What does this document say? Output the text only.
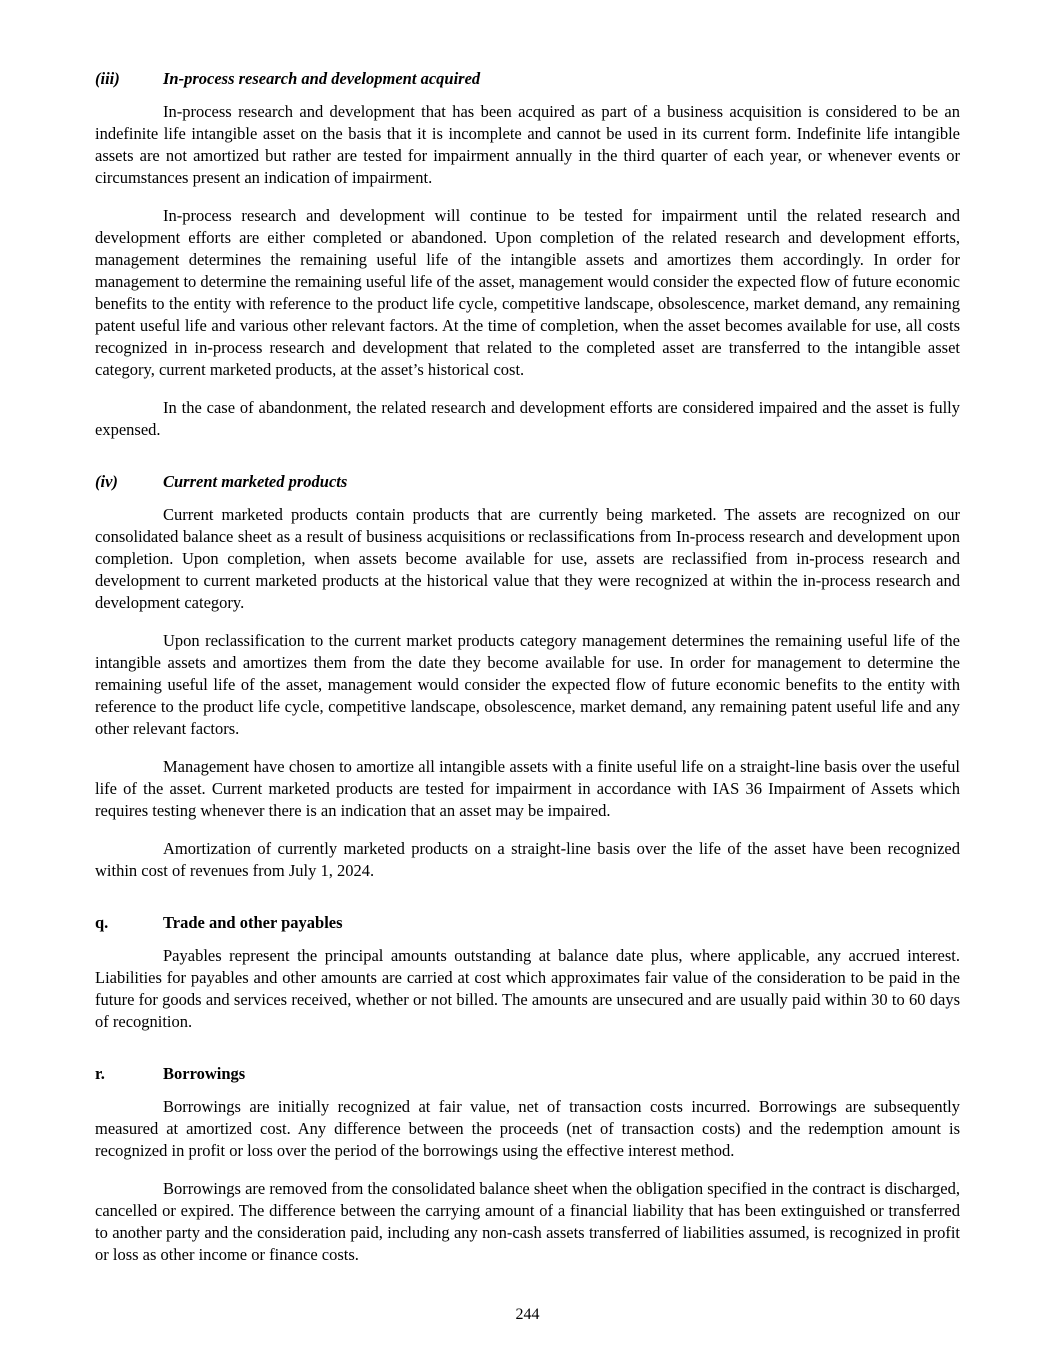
(iii)	In-process research and development acquired

In-process research and development that has been acquired as part of a business acquisition is considered to be an indefinite life intangible asset on the basis that it is incomplete and cannot be used in its current form. Indefinite life intangible assets are not amortized but rather are tested for impairment annually in the third quarter of each year, or whenever events or circumstances present an indication of impairment.

In-process research and development will continue to be tested for impairment until the related research and development efforts are either completed or abandoned. Upon completion of the related research and development efforts, management determines the remaining useful life of the intangible assets and amortizes them accordingly. In order for management to determine the remaining useful life of the asset, management would consider the expected flow of future economic benefits to the entity with reference to the product life cycle, competitive landscape, obsolescence, market demand, any remaining patent useful life and various other relevant factors. At the time of completion, when the asset becomes available for use, all costs recognized in in-process research and development that related to the completed asset are transferred to the intangible asset category, current marketed products, at the asset’s historical cost.

In the case of abandonment, the related research and development efforts are considered impaired and the asset is fully expensed.

(iv)	Current marketed products

Current marketed products contain products that are currently being marketed. The assets are recognized on our consolidated balance sheet as a result of business acquisitions or reclassifications from In-process research and development upon completion. Upon completion, when assets become available for use, assets are reclassified from in-process research and development to current marketed products at the historical value that they were recognized at within the in-process research and development category.

Upon reclassification to the current market products category management determines the remaining useful life of the intangible assets and amortizes them from the date they become available for use. In order for management to determine the remaining useful life of the asset, management would consider the expected flow of future economic benefits to the entity with reference to the product life cycle, competitive landscape, obsolescence, market demand, any remaining patent useful life and any other relevant factors.

Management have chosen to amortize all intangible assets with a finite useful life on a straight-line basis over the useful life of the asset. Current marketed products are tested for impairment in accordance with IAS 36 Impairment of Assets which requires testing whenever there is an indication that an asset may be impaired.

Amortization of currently marketed products on a straight-line basis over the life of the asset have been recognized within cost of revenues from July 1, 2024.

q.	Trade and other payables

Payables represent the principal amounts outstanding at balance date plus, where applicable, any accrued interest. Liabilities for payables and other amounts are carried at cost which approximates fair value of the consideration to be paid in the future for goods and services received, whether or not billed. The amounts are unsecured and are usually paid within 30 to 60 days of recognition.

r.	Borrowings

Borrowings are initially recognized at fair value, net of transaction costs incurred. Borrowings are subsequently measured at amortized cost. Any difference between the proceeds (net of transaction costs) and the redemption amount is recognized in profit or loss over the period of the borrowings using the effective interest method.

Borrowings are removed from the consolidated balance sheet when the obligation specified in the contract is discharged, cancelled or expired. The difference between the carrying amount of a financial liability that has been extinguished or transferred to another party and the consideration paid, including any non-cash assets transferred of liabilities assumed, is recognized in profit or loss as other income or finance costs.

244
